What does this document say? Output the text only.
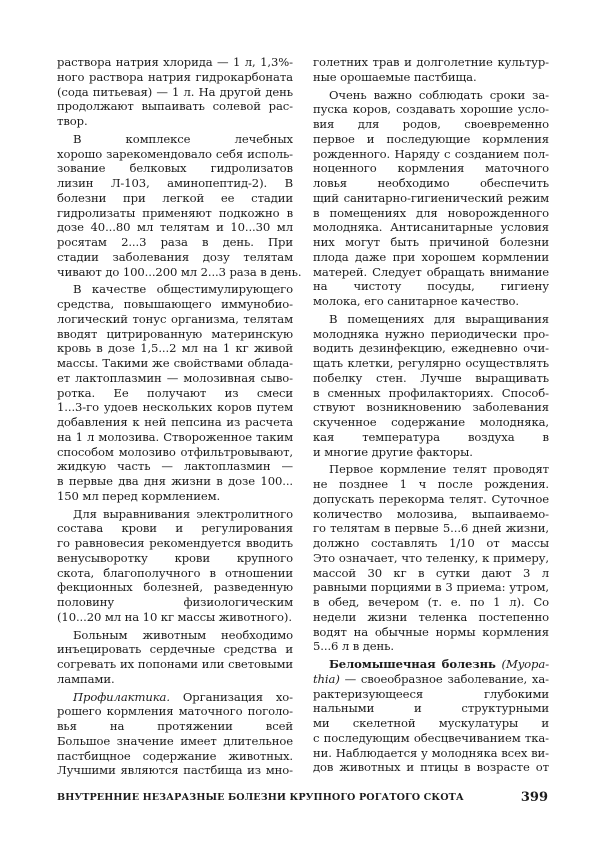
раствора натрия хлорида — 1 л, 1,3%-
ного раствора натрия гидрокарбоната
(сода питьевая) — 1 л. На другой день
продолжают выпаивать солевой рас-
твор.
В комплексе лечебных
хорошо зарекомендовало себя исполь-
зование белковых гидролизатов
лизин Л-103, аминопептид-2). В
болезни при легкой ее стадии
гидролизаты применяют подкожно в
дозе 40...80 мл телятам и 10...30 мл
росятам 2...3 раза в день. При
стадии заболевания дозу телятам
чивают до 100...200 мл 2...3 раза в день.
В качестве общестимулирующего
средства, повышающего иммунобио-
логический тонус организма, телятам
вводят цитрированную материнскую
кровь в дозе 1,5...2 мл на 1 кг живой
массы. Такими же свойствами облада-
ет лактоплазмин — молозивная сыво-
ротка. Ее получают из смеси
1...3-го удоев нескольких коров путем
добавления к ней пепсина из расчета
на 1 л молозива. Створоженное таким
способом молозиво отфильтровывают,
жидкую часть — лактоплазмин —
в первые два дня жизни в дозе 100...
150 мл перед кормлением.
Для выравнивания электролитного
состава крови и регулирования
го равновесия рекомендуется вводить
венусыворотку крови крупного
скота, благополучного в отношении
фекционных болезней, разведенную
половину физиологическим
(10...20 мл на 10 кг массы животного).
Больным животным необходимо
инъецировать сердечные средства и
согревать их попонами или световыми
лампами.
Профилактика. Организация хо-
рошего кормления маточного поголо-
вья на протяжении всей
Большое значение имеет длительное
пастбищное содержание животных.
Лучшими являются пастбища из мно-
голетних трав и долголетние культур-
ные орошаемые пастбища.
Очень важно соблюдать сроки за-
пуска коров, создавать хорошие усло-
вия для родов, своевременно
первое и последующие кормления
рожденного. Наряду с созданием пол-
ноценного кормления маточного
ловья необходимо обеспечить
щий санитарно-гигиенический режим
в помещениях для новорожденного
молодняка. Антисанитарные условия
них могут быть причиной болезни
плода даже при хорошем кормлении
матерей. Следует обращать внимание
на чистоту посуды, гигиену
молока, его санитарное качество.
В помещениях для выращивания
молодняка нужно периодически про-
водить дезинфекцию, ежедневно очи-
щать клетки, регулярно осуществлять
побелку стен. Лучше выращивать
в сменных профилакториях. Способ-
ствуют возникновению заболевания
скученное содержание молодняка,
кая температура воздуха в
и многие другие факторы.
Первое кормление телят проводят
не позднее 1 ч после рождения.
допускать перекорма телят. Суточное
количество молозива, выпаиваемо-
го телятам в первые 5...6 дней жизни,
должно составлять 1/10 от массы
Это означает, что теленку, к примеру,
массой 30 кг в сутки дают 3 л
равными порциями в 3 приема: утром,
в обед, вечером (т. е. по 1 л). Со
недели жизни теленка постепенно
водят на обычные нормы кормления
5...6 л в день.
Беломышечная болезнь (Myopa-
thia) — своеобразное заболевание, ха-
рактеризующееся глубокими
нальными и структурными
ми скелетной мускулатуры и
с последующим обесцвечиванием тка-
ни. Наблюдается у молодняка всех ви-
дов животных и птицы в возрасте от
ВНУТРЕННИЕ НЕЗАРАЗНЫЕ БОЛЕЗНИ КРУПНОГО РОГАТОГО СКОТА	399
